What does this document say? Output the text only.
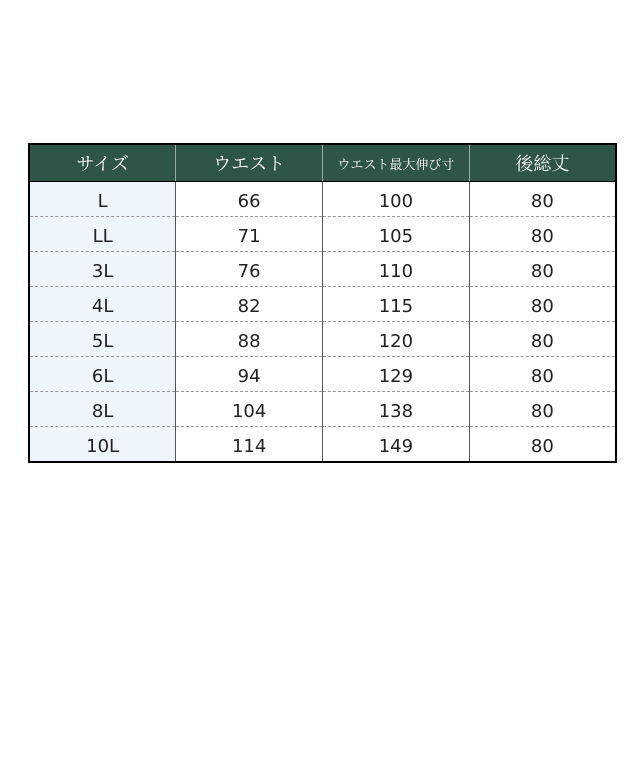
サイズ	ウエスト	ウエスト最大伸び寸	後総丈
L	66	100	80
LL	71	105	80
3L	76	110	80
4L	82	115	80
5L	88	120	80
6L	94	129	80
8L	104	138	80
10L	114	149	80
